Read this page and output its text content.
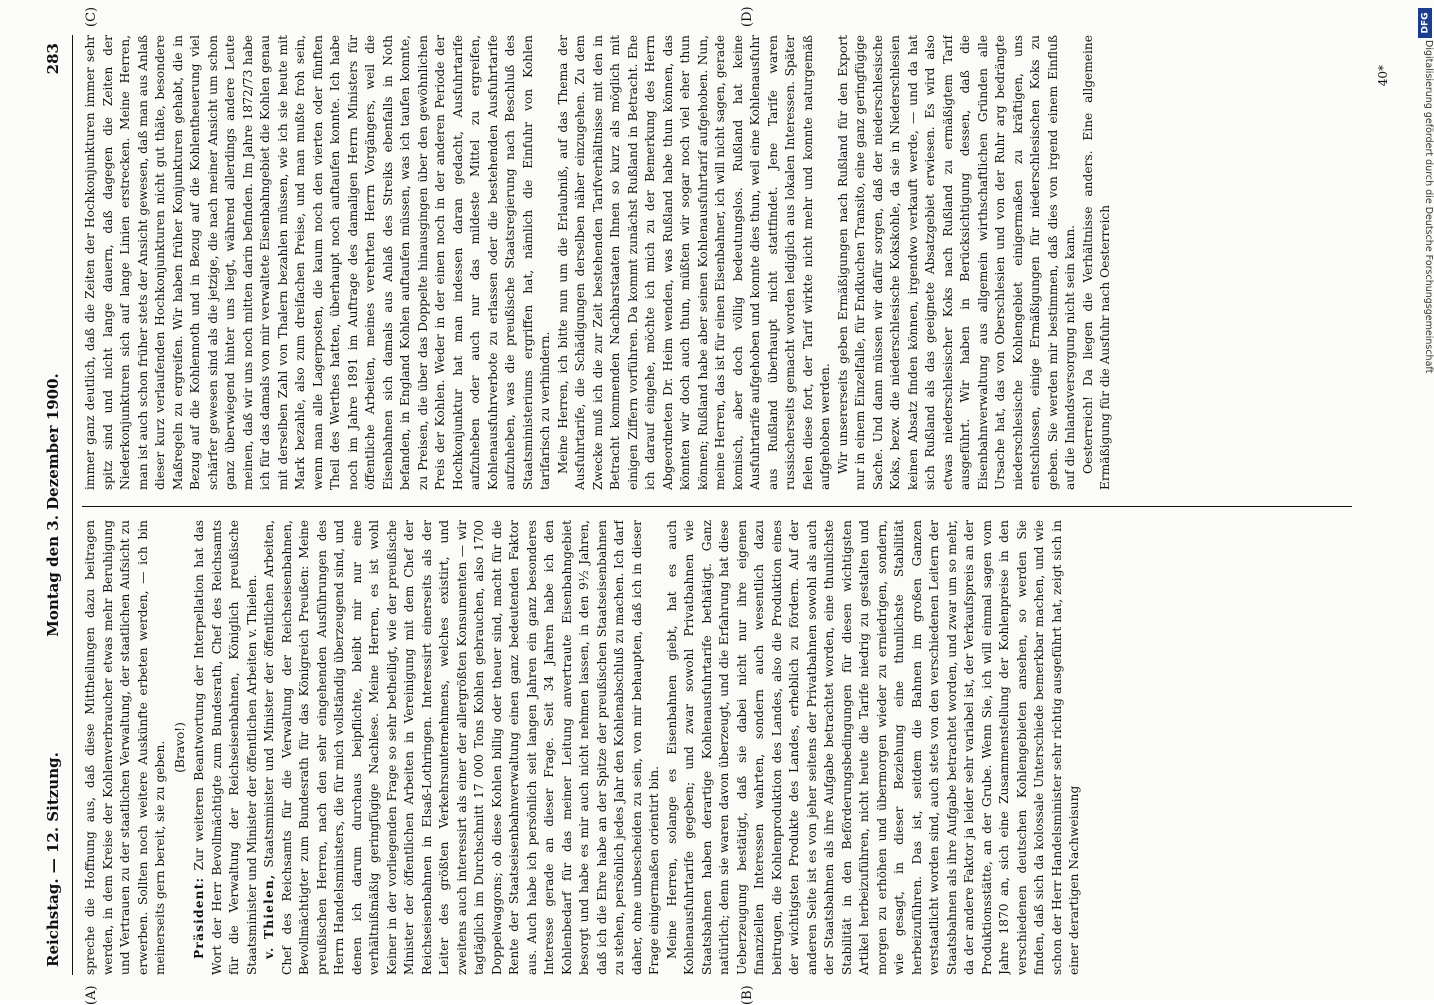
Reichstag. — 12. Sitzung.
Montag den 3. Dezember 1900.
283
(A)	(B)
(C)	(D)

spreche die Hoffnung aus, daß diese Mittheilungen dazu beitragen werden, in dem Kreise der Kohlenverbraucher etwas mehr Beruhigung und Vertrauen zu der staatlichen Verwaltung, der staatlichen Aufsicht zu erwerben. Sollten noch weitere Auskünfte erbeten werden, — ich bin meinerseits gern bereit, sie zu geben. (Bravo!)

Präsident: Zur weiteren Beantwortung der Interpellation hat das Wort der Herr Bevollmächtigte zum Bundesrath, Chef des Reichsamts für die Verwaltung der Reichseisenbahnen, Königlich preußische Staatsminister und Minister der öffentlichen Arbeiten v. Thielen. v. Thielen, Staatsminister und Minister der öffentlichen Arbeiten, Chef des Reichsamts für die Verwaltung der Reichseisenbahnen, Bevollmächtigter zum Bundesrath für das Königreich Preußen: Meine preußischen Herren, nach den sehr eingehenden Ausführungen des Herrn Handelsministers, die für mich vollständig überzeugend sind, und denen ich darum durchaus beipflichte, bleibt mir nur eine verhältnißmäßig geringfügige Nachlese. Meine Herren, es ist wohl Keiner in der vorliegenden Frage so sehr betheiligt, wie der preußische Minister der öffentlichen Arbeiten in Vereinigung mit dem Chef der Reichseisenbahnen in Elsaß-Lothringen. Interessirt einerseits als der Leiter des größten Verkehrsunternehmens, welches existirt, und zweitens auch interessirt als einer der allergrößten Konsumenten — wir tagtäglich im Durchschnitt 17 000 Tons Kohlen gebrauchen, also 1700 Doppelwaggons; ob diese Kohlen billig oder theuer sind, macht für die Rente der Staatseisenbahnverwaltung einen ganz bedeutenden Faktor aus. Auch habe ich persönlich seit langen Jahren ein ganz besonderes Interesse gerade an dieser Frage. Seit 34 Jahren habe ich den Kohlenbedarf für das meiner Leitung anvertraute Eisenbahngebiet besorgt und habe es mir auch nicht nehmen lassen, in den 9½ Jahren, daß ich die Ehre habe an der Spitze der preußischen Staatseisenbahnen zu stehen, persönlich jedes Jahr den Kohlenabschluß zu machen. Ich darf daher, ohne unbescheiden zu sein, von mir behaupten, daß ich in dieser Frage einigermaßen orientirt bin. Meine Herren, solange es Eisenbahnen giebt, hat es auch Kohlenausfuhrtarife gegeben; und zwar sowohl Privatbahnen wie Staatsbahnen haben derartige Kohlenausfuhrtarife bethätigt. Ganz natürlich; denn sie waren davon überzeugt, und die Erfahrung hat diese Ueberzeugung bestätigt, daß sie dabei nicht nur ihre eigenen finanziellen Interessen wahrten, sondern auch wesentlich dazu beitrugen, die Kohlenproduktion des Landes, also die Produktion eines der wichtigsten Produkte des Landes, erheblich zu fördern. Auf der anderen Seite ist es von jeher seitens der Privatbahnen sowohl als auch der Staatsbahnen als ihre Aufgabe betrachtet worden, eine thunlichste Stabilität in den Beförderungsbedingungen für diesen wichtigsten Artikel herbeizuführen, nicht heute die Tarife niedrig zu gestalten und morgen zu erhöhen und übermorgen wieder zu erniedrigen, sondern, wie gesagt, in dieser Beziehung eine thunlichste Stabilität herbeizuführen. Das ist, seitdem die Bahnen im großen Ganzen verstaatlicht worden sind, auch stets von den verschiedenen Leitern der Staatsbahnen als ihre Aufgabe betrachtet worden, und zwar um so mehr, da der andere Faktor ja leider sehr variabel ist, der Verkaufspreis an der Produktionsstätte, an der Grube. Wenn Sie, ich will einmal sagen vom Jahre 1870 an, sich eine Zusammenstellung der Kohlenpreise in den verschiedenen deutschen Kohlengebieten ansehen, so werden Sie finden, daß sich da kolossale Unterschiede bemerkbar machen, und wie schon der Herr Handelsminister sehr richtig ausgeführt hat, zeigt sich in einer derartigen Nachweisung

immer ganz deutlich, daß die Zeiten der Hochkonjunkturen immer sehr spitz sind und nicht lange dauern, daß dagegen die Zeiten der Niederkonjunkturen sich auf lange Linien erstrecken. Meine Herren, man ist auch schon früher stets der Ansicht gewesen, daß man aus Anlaß dieser kurz verlaufenden Hochkonjunkturen nicht gut thäte, besondere Maßregeln zu ergreifen. Wir haben früher Konjunkturen gehabt, die in Bezug auf die Kohlennoth und in Bezug auf die Kohlentheuerung viel schärfer gewesen sind als die jetzige, die nach meiner Ansicht um schon ganz überwiegend hinter uns liegt, während allerdings andere Leute meinen, daß wir uns noch mitten darin befinden. Im Jahre 1872/73 habe ich für das damals von mir verwaltete Eisenbahngebiet die Kohlen genau mit derselben Zahl von Thalern bezahlen müssen, wie ich sie heute mit Mark bezahle, also zum dreifachen Preise, und man mußte froh sein, wenn man alle Lagerposten, die kaum noch den vierten oder fünften Theil des Werthes hatten, überhaupt noch auftaufen konnte. Ich habe noch im Jahre 1891 im Auftrage des damaligen Herrn Ministers für öffentliche Arbeiten, meines verehrten Herrn Vorgängers, weil die Eisenbahnen sich damals aus Anlaß des Streiks ebenfalls in Noth befanden, in England Kohlen auftaufen müssen, was ich taufen konnte, zu Preisen, die über das Doppelte hinausgingen über den gewöhnlichen Preis der Kohlen. Weder in der einen noch in der anderen Periode der Hochkonjunktur hat man indessen daran gedacht, Ausfuhrtarife aufzuheben oder auch nur das mildeste Mittel zu ergreifen, Kohlenausfuhrverbote zu erlassen oder die bestehenden Ausfuhrtarife aufzuheben, was die preußische Staatsregierung nach Beschluß des Staatsministeriums ergriffen hat, nämlich die Einfuhr von Kohlen tarifarisch zu verhindern. Meine Herren, ich bitte nun um die Erlaubniß, auf das Thema der Ausfuhrtarife, die Schädigungen derselben näher einzugehen. Zu dem Zwecke muß ich die zur Zeit bestehenden Tarifverhältnisse mit den in Betracht kommenden Nachbarstaaten Ihnen so kurz als möglich mit einigen Ziffern vorführen. Da kommt zunächst Rußland in Betracht. Ehe ich darauf eingehe, möchte ich mich zu der Bemerkung des Herrn Abgeordneten Dr. Heim wenden, was Rußland habe thun können, das könnten wir doch auch thun, müßten wir sogar noch viel eher thun können; Rußland habe aber seinen Kohlenausfuhrtarif aufgehoben. Nun, meine Herren, das ist für einen Eisenbahner, ich will nicht sagen, gerade komisch, aber doch völlig bedeutungslos. Rußland hat keine Ausfuhrtarife aufgehoben und konnte dies thun, weil eine Kohlenausfuhr aus Rußland überhaupt nicht stattfindet. Jene Tarife waren russischerseits gemacht worden lediglich aus lokalen Interessen. Später fielen diese fort, der Tarif wirkte nicht mehr und konnte naturgemäß aufgehoben werden. Wir unsererseits geben Ermäßigungen nach Rußland für den Export nur in einem Einzelfalle, für Endkuchen Transito, eine ganz geringfügige Sache. Und dann müssen wir dafür sorgen, daß der niederschlesische Koks, bezw. die niederschlesische Kokskohle, da sie in Niederschlesien keinen Absatz finden können, irgendwo verkauft werde, — und da hat sich Rußland als das geeignete Absatzgebiet erwiesen. Es wird also etwas niederschlesischer Koks nach Rußland zu ermäßigtem Tarif ausgeführt. Wir haben in Berücksichtigung dessen, daß die Eisenbahnverwaltung aus allgemein wirthschaftlichen Gründen alle Ursache hat, das von Oberschlesien und von der Ruhr arg bedrängte niederschlesische Kohlengebiet einigermaßen zu kräftigen, uns entschlossen, einige Ermäßigungen für niederschlesischen Koks zu geben. Sie werden mir bestimmen, daß dies von irgend einem Einfluß auf die Inlandsversorgung nicht sein kann. Oesterreich! Da liegen die Verhältnisse anders. Eine allgemeine Ermäßigung für die Ausfuhr nach Oesterreich

40*
DFG
Digitalisierung gefördert durch die Deutsche Forschungsgemeinschaft
